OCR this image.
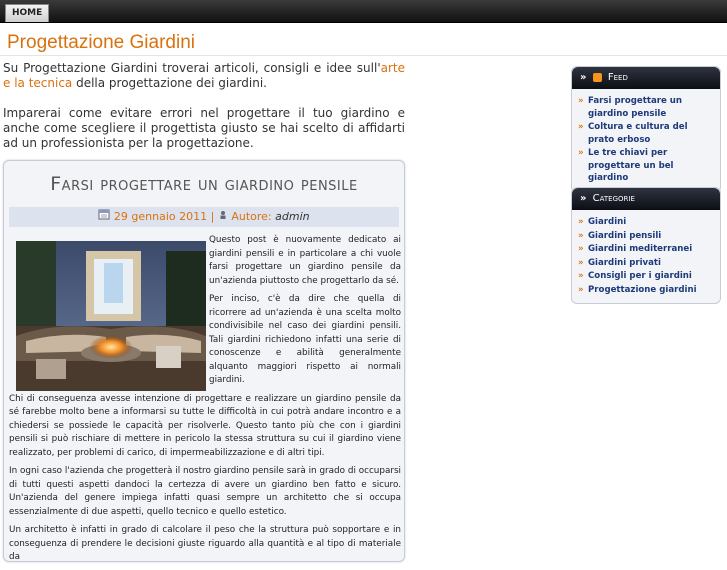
HOME
Progettazione Giardini

Su Progettazione Giardini troverai articoli, consigli e idee sull'arte e la tecnica della progettazione dei giardini.

Imparerai come evitare errori nel progettare il tuo giardino e anche come scegliere il progettista giusto se hai scelto di affidarti ad un professionista per la progettazione.

Farsi progettare un giardino pensile
29 gennaio 2011 | Autore: admin

Questo post è nuovamente dedicato ai giardini pensili e in particolare a chi vuole farsi progettare un giardino pensile da un'azienda piuttosto che progettarlo da sé.

Per inciso, c'è da dire che quella di ricorrere ad un'azienda è una scelta molto condivisibile nel caso dei giardini pensili. Tali giardini richiedono infatti una serie di conoscenze e abilità generalmente alquanto maggiori rispetto ai normali giardini.

Chi di conseguenza avesse intenzione di progettare e realizzare un giardino pensile da sé farebbe molto bene a informarsi su tutte le difficoltà in cui potrà andare incontro e a chiedersi se possiede le capacità per risolverle. Questo tanto più che con i giardini pensili si può rischiare di mettere in pericolo la stessa struttura su cui il giardino viene realizzato, per problemi di carico, di impermeabilizzazione e di altri tipi.

In ogni caso l'azienda che progetterà il nostro giardino pensile sarà in grado di occuparsi di tutti questi aspetti dandoci la certezza di avere un giardino ben fatto e sicuro. Un'azienda del genere impiega infatti quasi sempre un architetto che si occupa essenzialmente di due aspetti, quello tecnico e quello estetico.

Un architetto è infatti in grado di calcolare il peso che la struttura può sopportare e in conseguenza di prendere le decisioni giuste riguardo alla quantità e al tipo di materiale da

» Feed
» Farsi progettare un giardino pensile
» Coltura e cultura del prato erboso
» Le tre chiavi per progettare un bel giardino
» Categorie
» Giardini
» Giardini pensili
» Giardini mediterranei
» Giardini privati
» Consigli per i giardini
» Progettazione giardini
